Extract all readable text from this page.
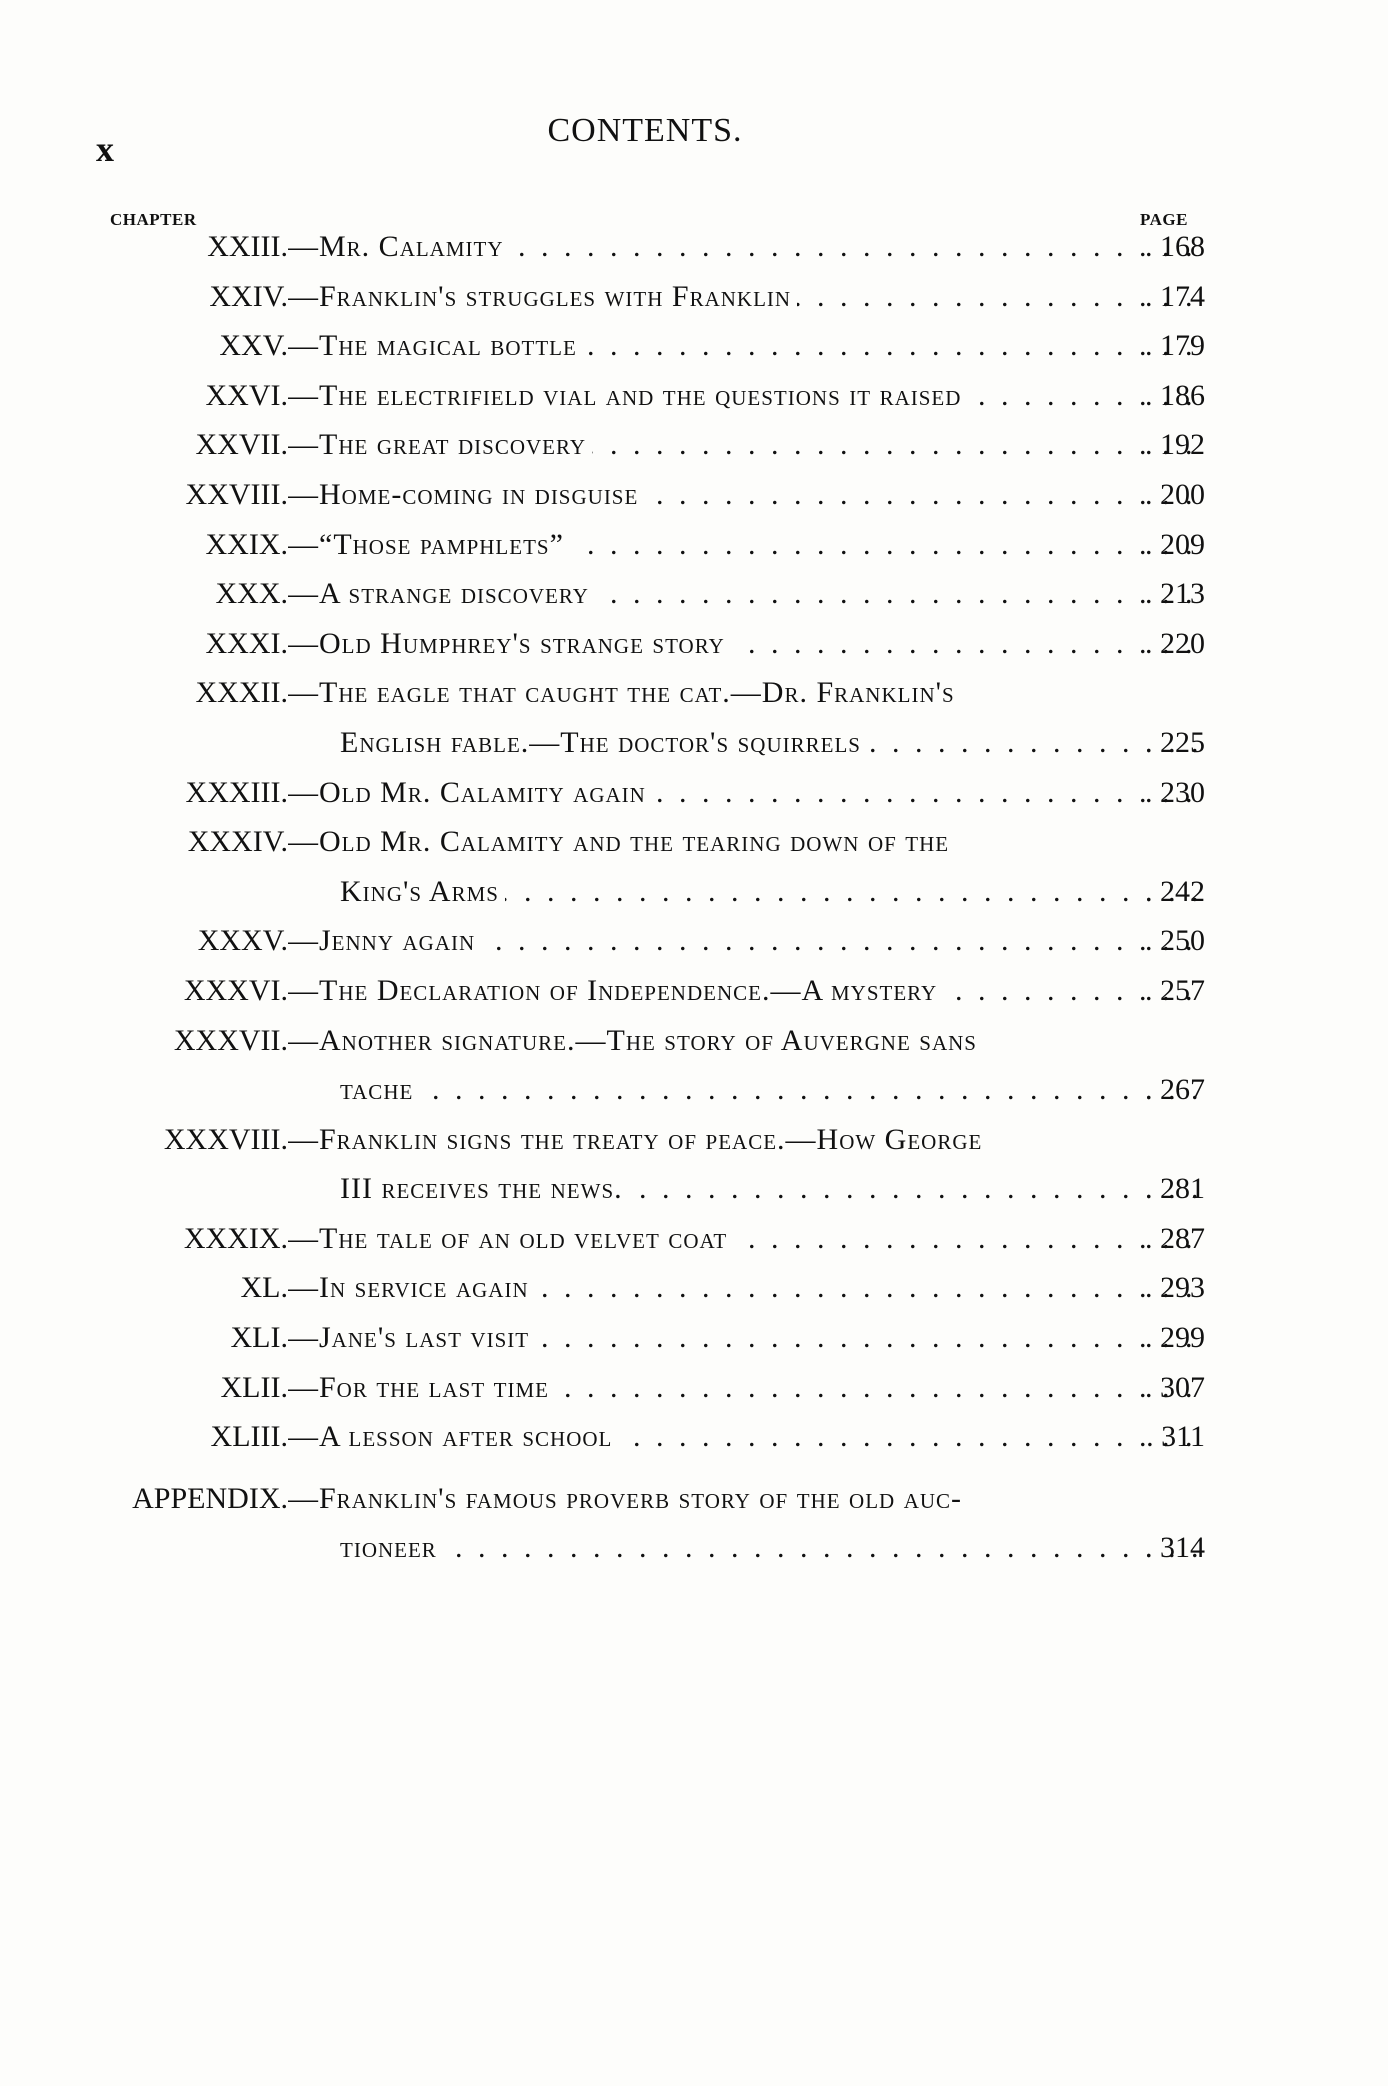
x	CONTENTS.
CHAPTER	PAGE
XXIII. —Mr. Calamity . .	. 168
XXIV. —Franklin's struggles with Franklin . .	. 174
XXV. —The magical bottle . .	. 179
XXVI. —The electrifield vial and the questions it raised . .	. 186
XXVII. —The great discovery . .	. 192
XXVIII. —Home-coming in disguise . .	. 200
XXIX. —“Those pamphlets” . .	. 209
XXX. —A strange discovery . .	. 213
XXXI. —Old Humphrey's strange story . .	. 220
XXXII. —The eagle that caught the cat.—Dr. Franklin's
English fable.—The doctor's squirrels . .	. 225
XXXIII. —Old Mr. Calamity again . .	. 230
XXXIV. —Old Mr. Calamity and the tearing down of the
King's Arms . .	. 242
XXXV. —Jenny again . .	. 250
XXXVI. —The Declaration of Independence.—A mystery . .	. 257
XXXVII. —Another signature.—The story of Auvergne sans
tache . .	. 267
XXXVIII. —Franklin signs the treaty of peace.—How George
III receives the news. . .	. 281
XXXIX. —The tale of an old velvet coat . .	. 287
XL. —In service again . .	. 293
XLI. —Jane's last visit . .	. 299
XLII. —For the last time . .	. 307
XLIII. —A lesson after school . .	. 311
APPENDIX. —Franklin's famous proverb story of the old auc-
tioneer . .	. 314
